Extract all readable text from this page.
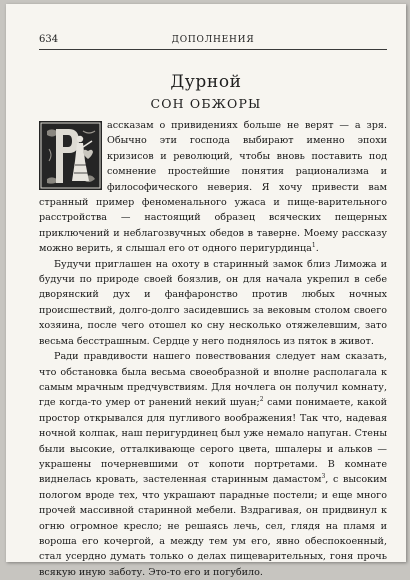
634	ДОПОЛНЕНИЯ
Дурной
СОН ОБЖОРЫ

ассказам о привидениях больше не верят — а зря. Обычно эти господа выбирают именно эпохи кризисов и революций, чтобы вновь поставить под сомнение простейшие понятия рационализма и философического неверия. Я хочу привести вам странный пример феноменального ужаса и пище-варительного расстройства — настоящий образец всяческих пещерных приключений и неблагозвучных обедов в таверне. Моему рассказу можно верить, я слышал его от одного перигурдинца$^1$.

Будучи приглашен на охоту в старинный замок близ Лиможа и будучи по природе своей боязлив, он для начала укрепил в себе дворянский дух и фанфаронство против любых ночных происшествий, долго-долго засидевшись за вековым столом своего хозяина, после чего отошел ко сну несколько отяжелевшим, зато весьма бесстрашным. Сердце у него поднялось из пяток в живот.

Ради правдивости нашего повествования следует нам сказать, что обстановка была весьма своеобразной и вполне располагала к самым мрачным предчувствиям. Для ночлега он получил комнату, где когда-то умер от ранений некий шуан;$^2$ сами понимаете, какой простор открывался для пугливого воображения! Так что, надевая ночной колпак, наш перигурдинец был уже немало напуган. Стены были высокие, отталкивающе серого цвета, шпалеры и альков — украшены почерневшими от копоти портретами. В комнате виднелась кровать, застеленная старинным дамастом$^3$, с высоким пологом вроде тех, что украшают парадные постели; и еще много прочей массивной старинной мебели. Вздрагивая, он придвинул к огню огромное кресло; не решаясь лечь, сел, глядя на пламя и вороша его кочергой, а между тем ум его, явно обеспокоенный, стал усердно думать только о делах пищеварительных, гоня прочь всякую иную заботу. Это-то его и погубило.
